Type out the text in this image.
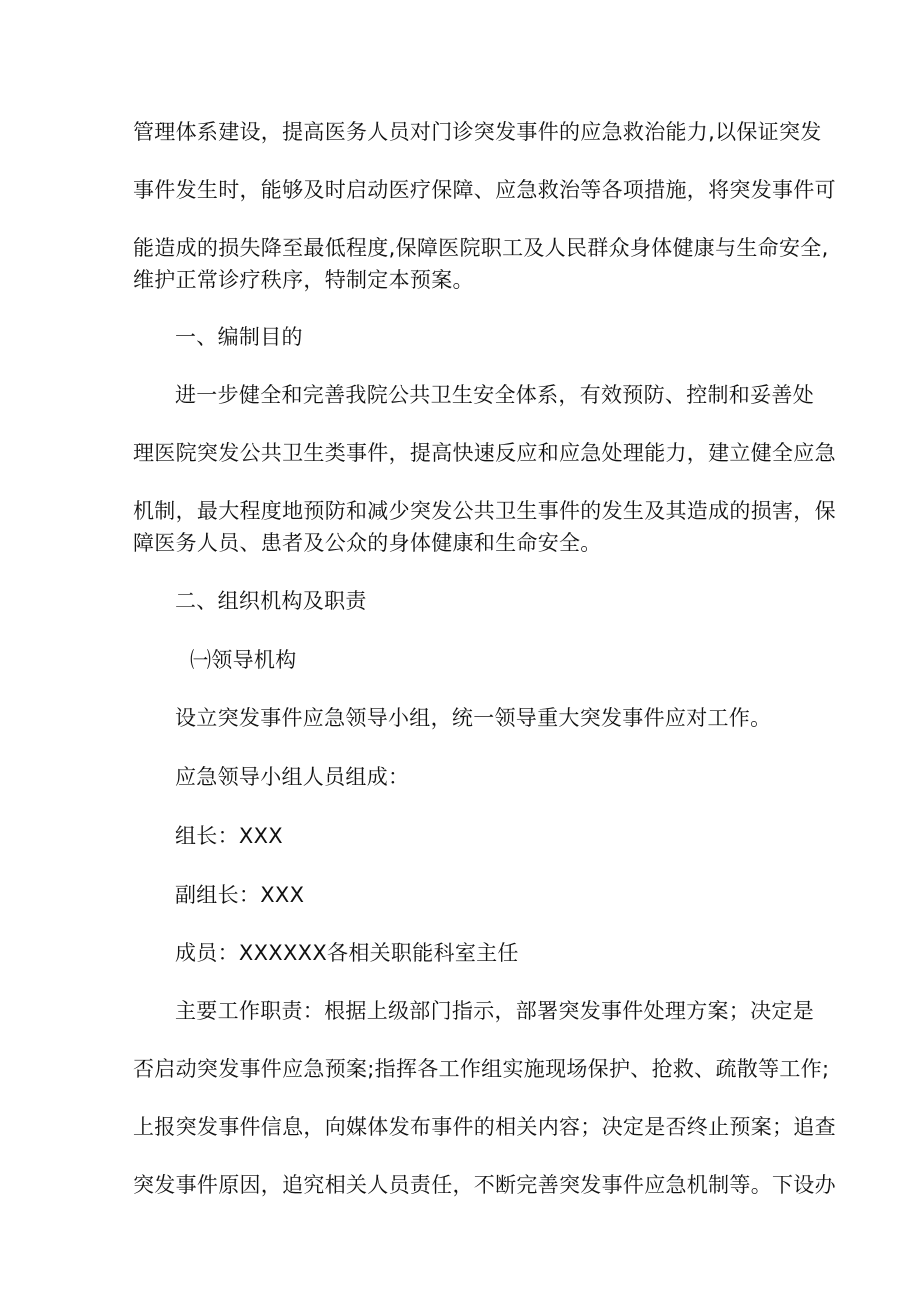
管理体系建设，提高医务人员对门诊突发事件的应急救治能力,以保证突发
事件发生时，能够及时启动医疗保障、应急救治等各项措施，将突发事件可
能造成的损失降至最低程度,保障医院职工及人民群众身体健康与生命安全,
维护正常诊疗秩序，特制定本预案。
一、编制目的
进一步健全和完善我院公共卫生安全体系，有效预防、控制和妥善处
理医院突发公共卫生类事件，提高快速反应和应急处理能力，建立健全应急
机制，最大程度地预防和减少突发公共卫生事件的发生及其造成的损害，保
障医务人员、患者及公众的身体健康和生命安全。
二、组织机构及职责
㈠领导机构
设立突发事件应急领导小组，统一领导重大突发事件应对工作。
应急领导小组人员组成：
组长：XXX
副组长：XXX
成员：XXXXXX各相关职能科室主任
主要工作职责：根据上级部门指示，部署突发事件处理方案；决定是
否启动突发事件应急预案;指挥各工作组实施现场保护、抢救、疏散等工作;
上报突发事件信息，向媒体发布事件的相关内容；决定是否终止预案；追查
突发事件原因，追究相关人员责任，不断完善突发事件应急机制等。下设办
